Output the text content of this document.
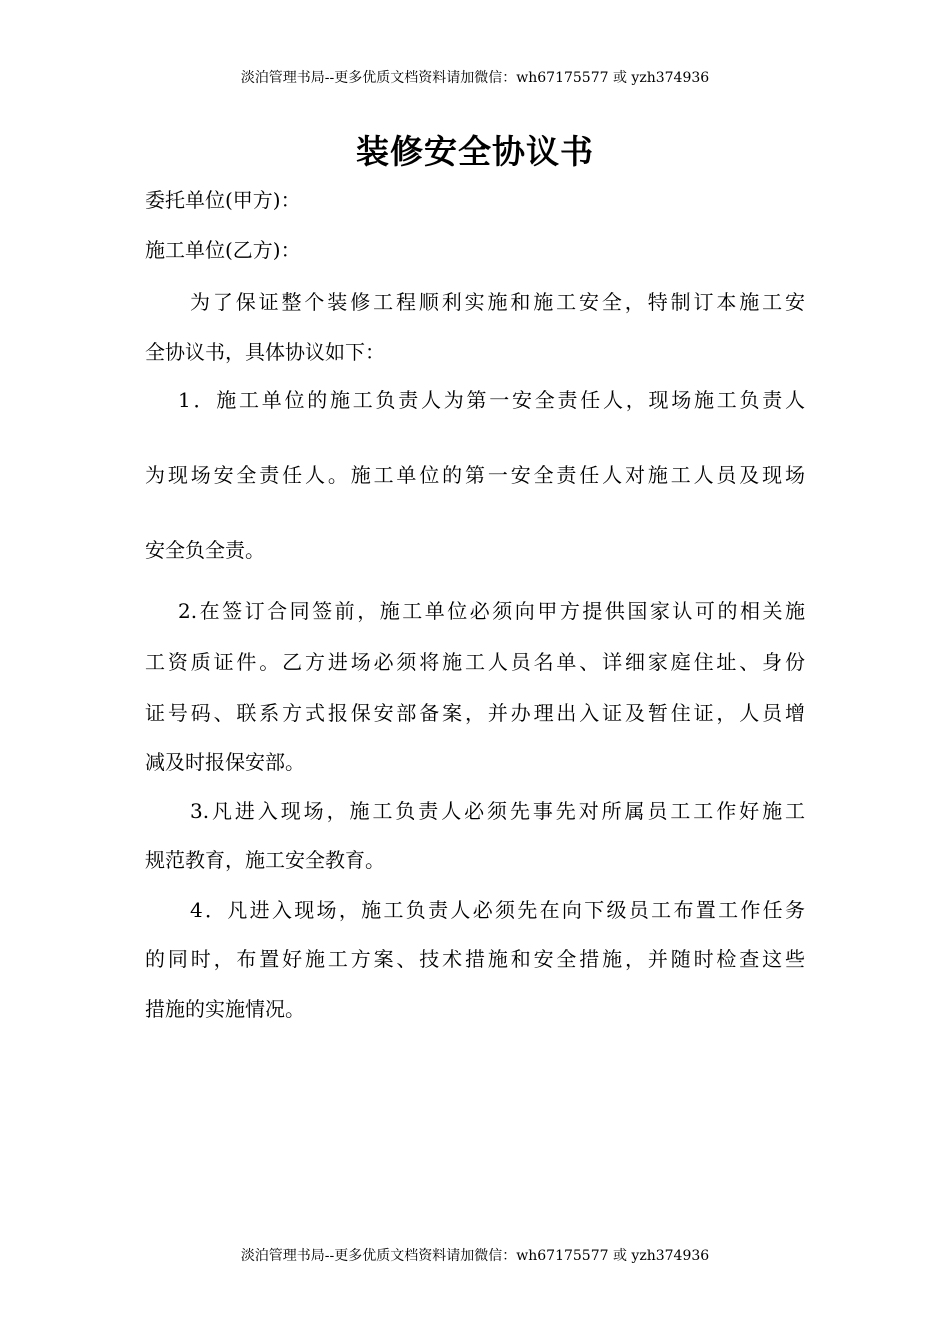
淡泊管理书局--更多优质文档资料请加微信：wh67175577 或 yzh374936
装修安全协议书
委托单位(甲方)：
施工单位(乙方)：
为了保证整个装修工程顺利实施和施工安全，特制订本施工安
全协议书，具体协议如下：
1．施工单位的施工负责人为第一安全责任人，现场施工负责人
为现场安全责任人。施工单位的第一安全责任人对施工人员及现场
安全负全责。
2.在签订合同签前，施工单位必须向甲方提供国家认可的相关施
工资质证件。乙方进场必须将施工人员名单、详细家庭住址、身份
证号码、联系方式报保安部备案，并办理出入证及暂住证，人员增
减及时报保安部。
3.凡进入现场，施工负责人必须先事先对所属员工工作好施工
规范教育，施工安全教育。
4．凡进入现场，施工负责人必须先在向下级员工布置工作任务
的同时，布置好施工方案、技术措施和安全措施，并随时检查这些
措施的实施情况。
淡泊管理书局--更多优质文档资料请加微信：wh67175577 或 yzh374936
